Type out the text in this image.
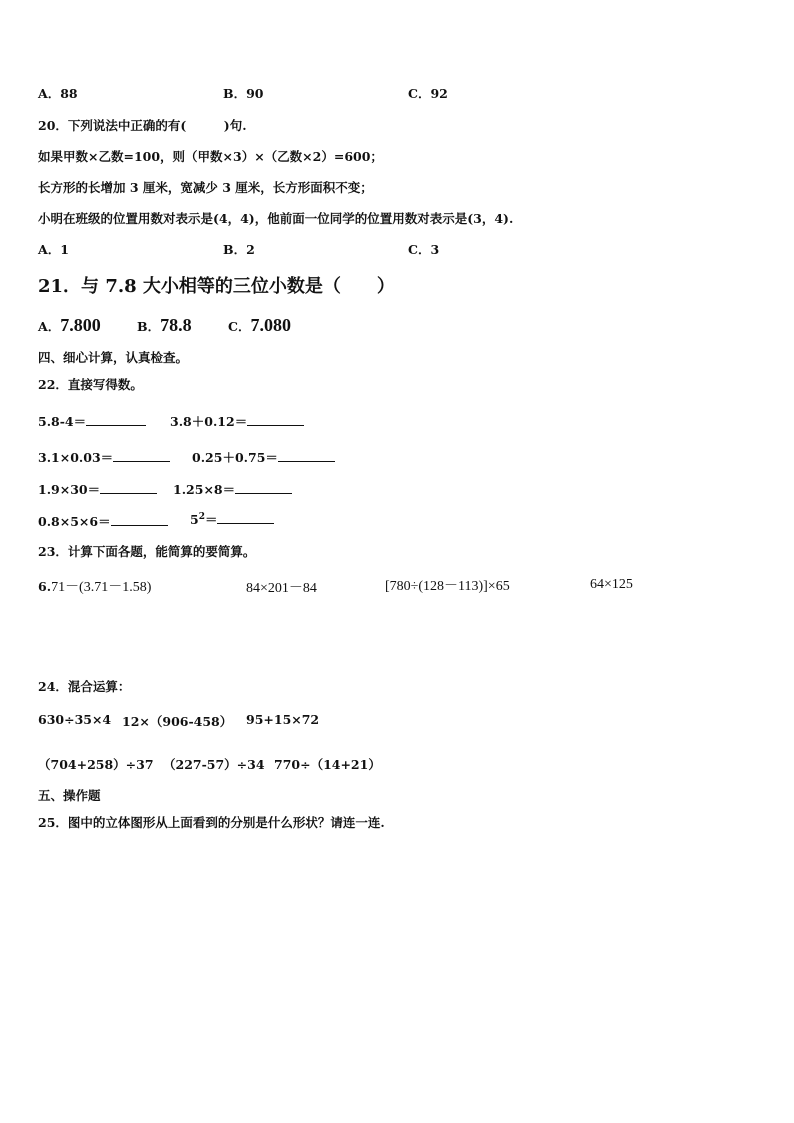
A．88	B．90	C．92
20．下列说法中正确的有(　　　)句.
如果甲数×乙数=100，则（甲数×3）×（乙数×2）=600；
长方形的长增加 3 厘米，宽减少 3 厘米，长方形面积不变；
小明在班级的位置用数对表示是(4，4)，他前面一位同学的位置用数对表示是(3，4).
A．1	B．2	C．3
21．与 7.8 大小相等的三位小数是（　　）
A．7.800	B．78.8	C．7.080
四、细心计算，认真检查。
22．直接写得数。
5.8-4＝	3.8＋0.12＝
3.1×0.03＝	0.25＋0.75＝
1.9×30＝	1.25×8＝
0.8×5×6＝	$5^2=$
23．计算下面各题，能简算的要简算。
6.71－(3.71－1.58)	84×201－84	[780÷(128－113)]×65	64×125
24．混合运算：
630÷35×4 12×（906-458） 95+15×72
（704+258）÷37 （227-57）÷34 770÷（14+21）
五、操作题
25．图中的立体图形从上面看到的分别是什么形状？请连一连.
